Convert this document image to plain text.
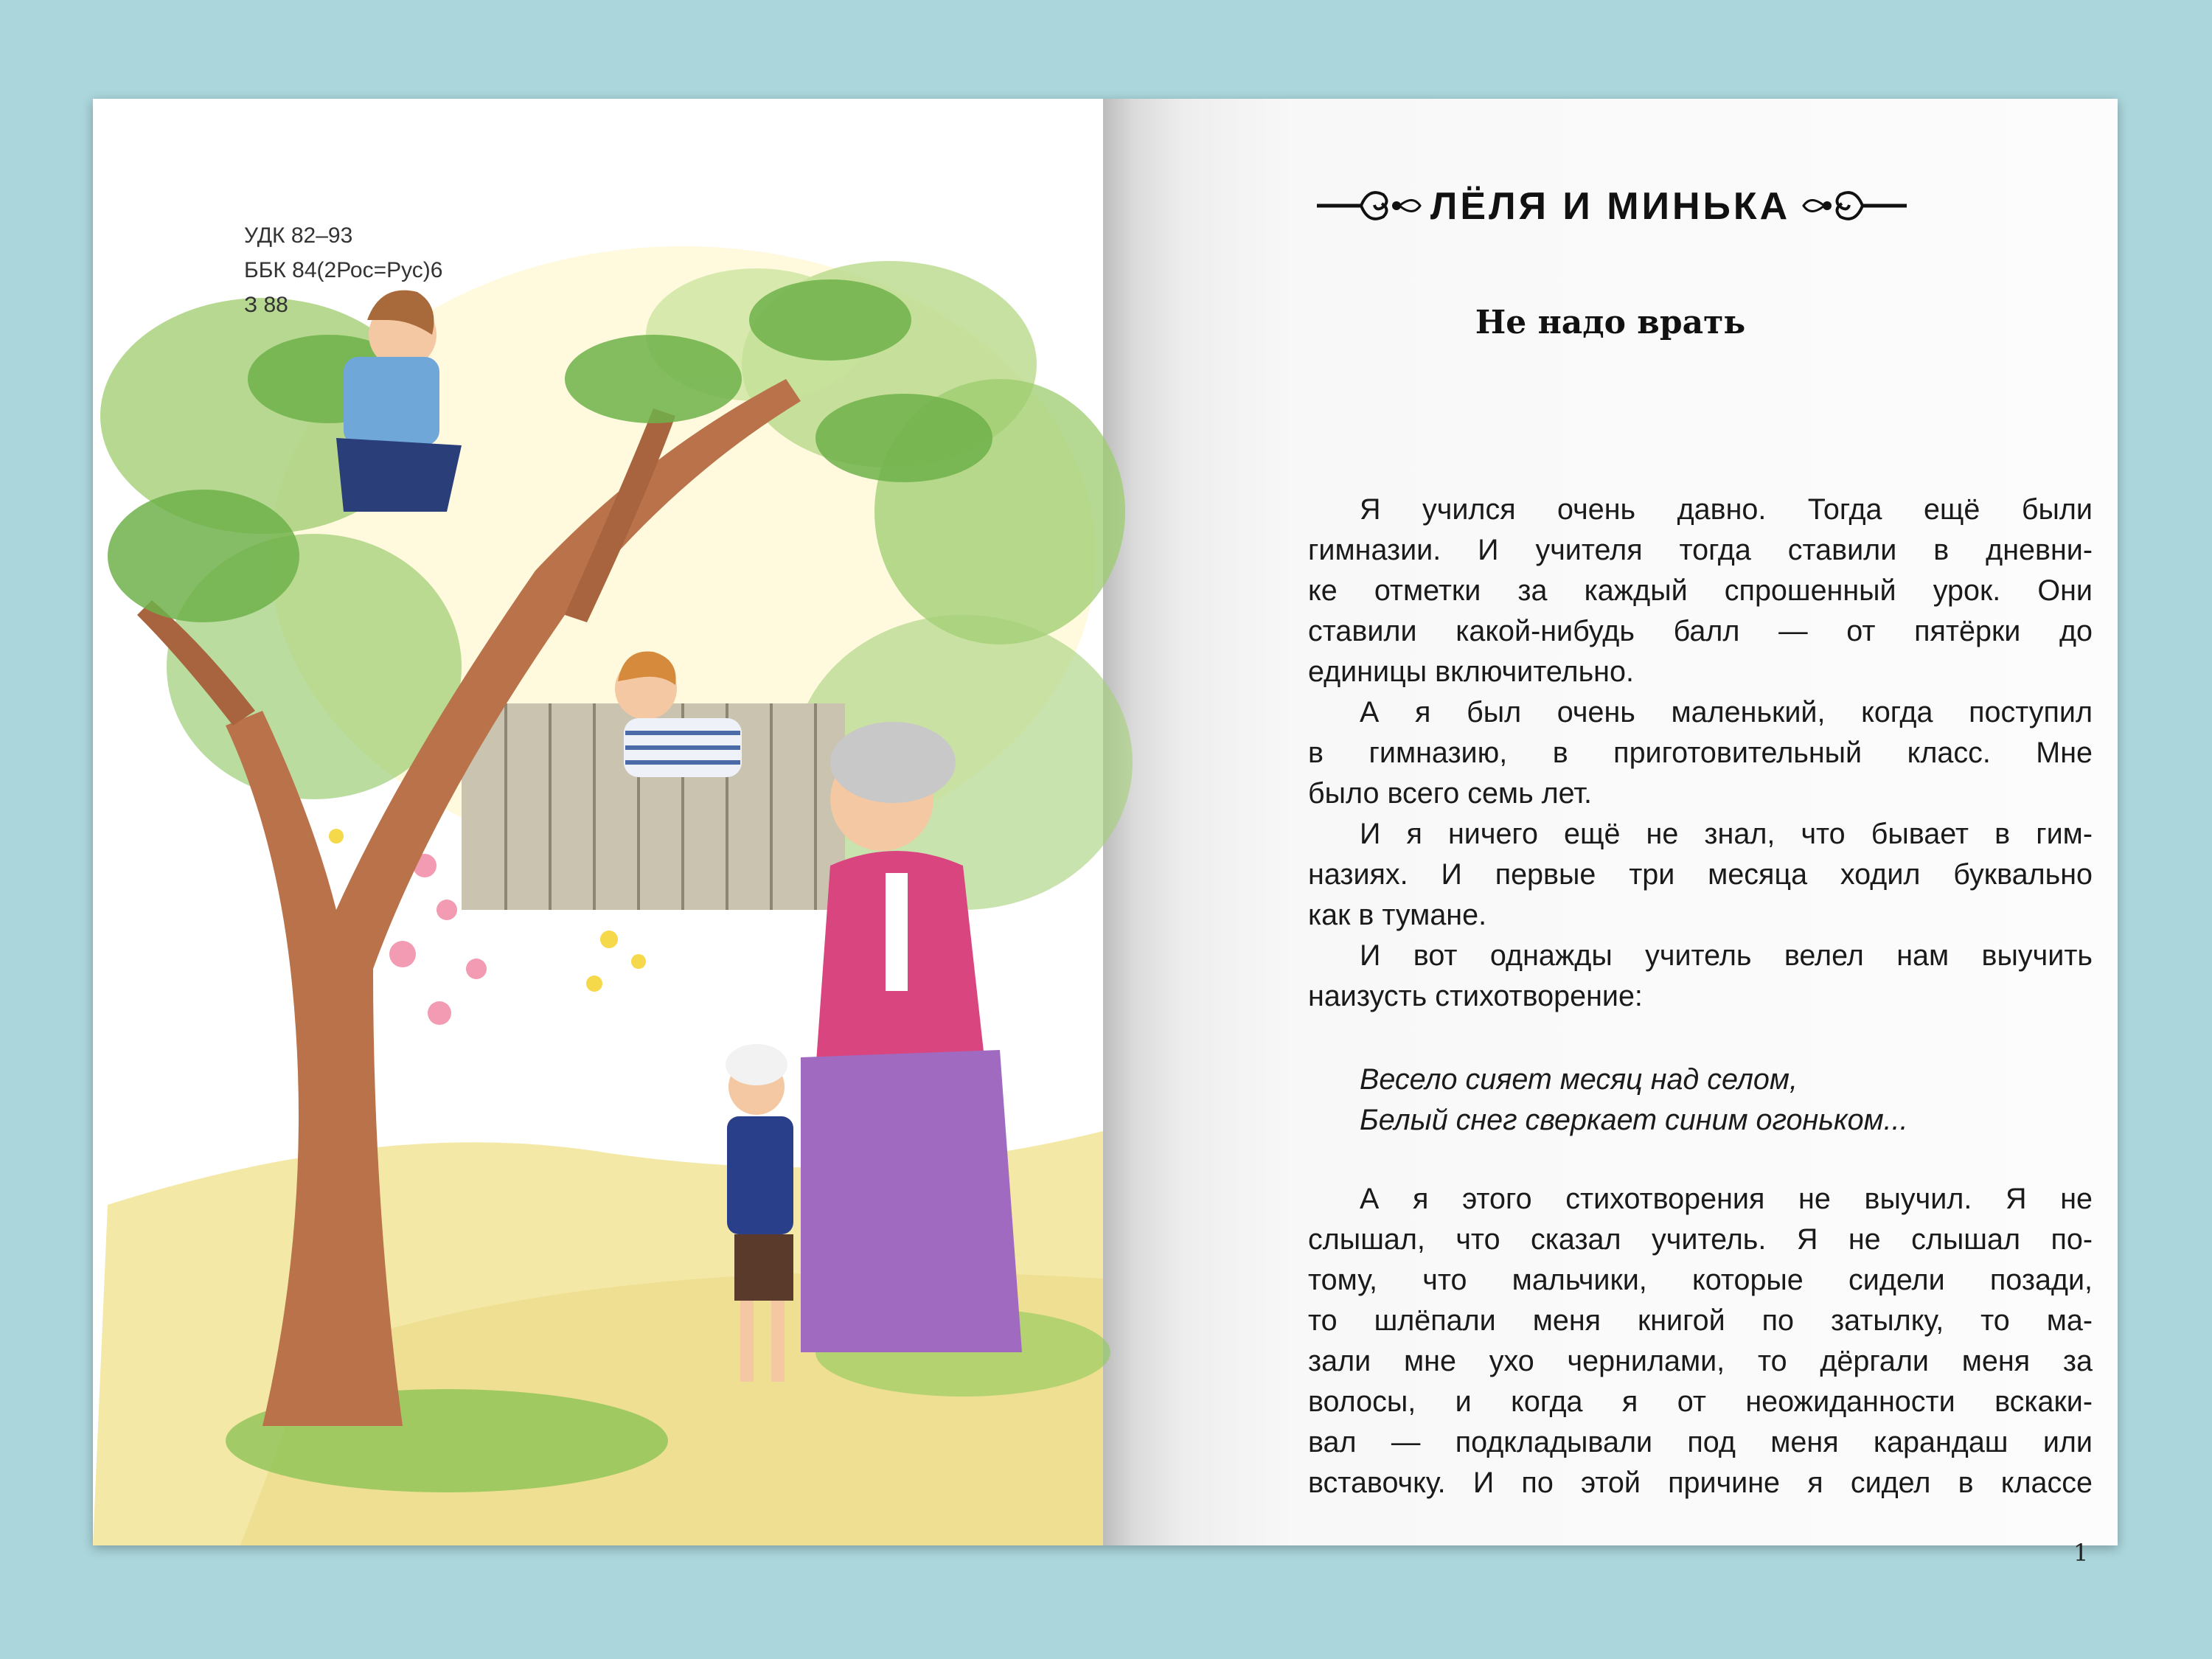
УДК 82–93
ББК 84(2Рос=Рус)6
З 88
ЛЁЛЯ И МИНЬКА
Не надо врать
Я учился очень давно. Тогда ещё были
гимназии. И учителя тогда ставили в дневни-
ке отметки за каждый спрошенный урок. Они
ставили какой-нибудь балл — от пятёрки до
единицы включительно.
А я был очень маленький, когда поступил
в гимназию, в приготовительный класс. Мне
было всего семь лет.
И я ничего ещё не знал, что бывает в гим-
назиях. И первые три месяца ходил буквально
как в тумане.
И вот однажды учитель велел нам выучить
наизусть стихотворение:
Весело сияет месяц над селом,
Белый снег сверкает синим огоньком...
А я этого стихотворения не выучил. Я не
слышал, что сказал учитель. Я не слышал по-
тому, что мальчики, которые сидели позади,
то шлёпали меня книгой по затылку, то ма-
зали мне ухо чернилами, то дёргали меня за
волосы, и когда я от неожиданности вскаки-
вал — подкладывали под меня карандаш или
вставочку. И по этой причине я сидел в классе
1
